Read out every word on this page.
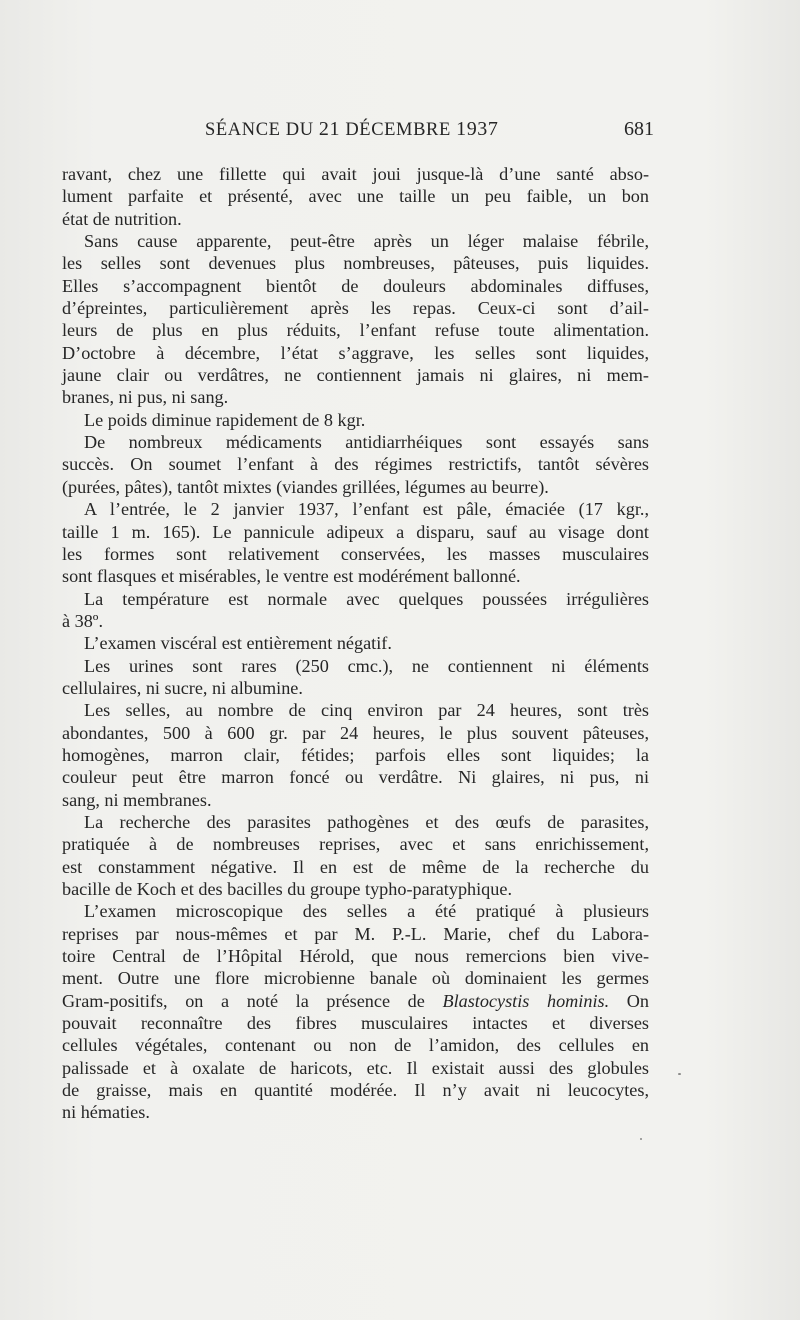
SÉANCE DU 21 DÉCEMBRE 1937	681
ravant, chez une fillette qui avait joui jusque-là d’une santé abso-
lument parfaite et présenté, avec une taille un peu faible, un bon
état de nutrition.
Sans cause apparente, peut-être après un léger malaise fébrile,
les selles sont devenues plus nombreuses, pâteuses, puis liquides.
Elles s’accompagnent bientôt de douleurs abdominales diffuses,
d’épreintes, particulièrement après les repas. Ceux-ci sont d’ail-
leurs de plus en plus réduits, l’enfant refuse toute alimentation.
D’octobre à décembre, l’état s’aggrave, les selles sont liquides,
jaune clair ou verdâtres, ne contiennent jamais ni glaires, ni mem-
branes, ni pus, ni sang.
Le poids diminue rapidement de 8 kgr.
De nombreux médicaments antidiarrhéiques sont essayés sans
succès. On soumet l’enfant à des régimes restrictifs, tantôt sévères
(purées, pâtes), tantôt mixtes (viandes grillées, légumes au beurre).
A l’entrée, le 2 janvier 1937, l’enfant est pâle, émaciée (17 kgr.,
taille 1 m. 165). Le pannicule adipeux a disparu, sauf au visage dont
les formes sont relativement conservées, les masses musculaires
sont flasques et misérables, le ventre est modérément ballonné.
La température est normale avec quelques poussées irrégulières
à 38º.
L’examen viscéral est entièrement négatif.
Les urines sont rares (250 cmc.), ne contiennent ni éléments
cellulaires, ni sucre, ni albumine.
Les selles, au nombre de cinq environ par 24 heures, sont très
abondantes, 500 à 600 gr. par 24 heures, le plus souvent pâteuses,
homogènes, marron clair, fétides; parfois elles sont liquides; la
couleur peut être marron foncé ou verdâtre. Ni glaires, ni pus, ni
sang, ni membranes.
La recherche des parasites pathogènes et des œufs de parasites,
pratiquée à de nombreuses reprises, avec et sans enrichissement,
est constamment négative. Il en est de même de la recherche du
bacille de Koch et des bacilles du groupe typho-paratyphique.
L’examen microscopique des selles a été pratiqué à plusieurs
reprises par nous-mêmes et par M. P.-L. Marie, chef du Labora-
toire Central de l’Hôpital Hérold, que nous remercions bien vive-
ment. Outre une flore microbienne banale où dominaient les germes
Gram-positifs, on a noté la présence de Blastocystis hominis. On
pouvait reconnaître des fibres musculaires intactes et diverses
cellules végétales, contenant ou non de l’amidon, des cellules en
palissade et à oxalate de haricots, etc. Il existait aussi des globules
de graisse, mais en quantité modérée. Il n’y avait ni leucocytes,
ni hématies.
